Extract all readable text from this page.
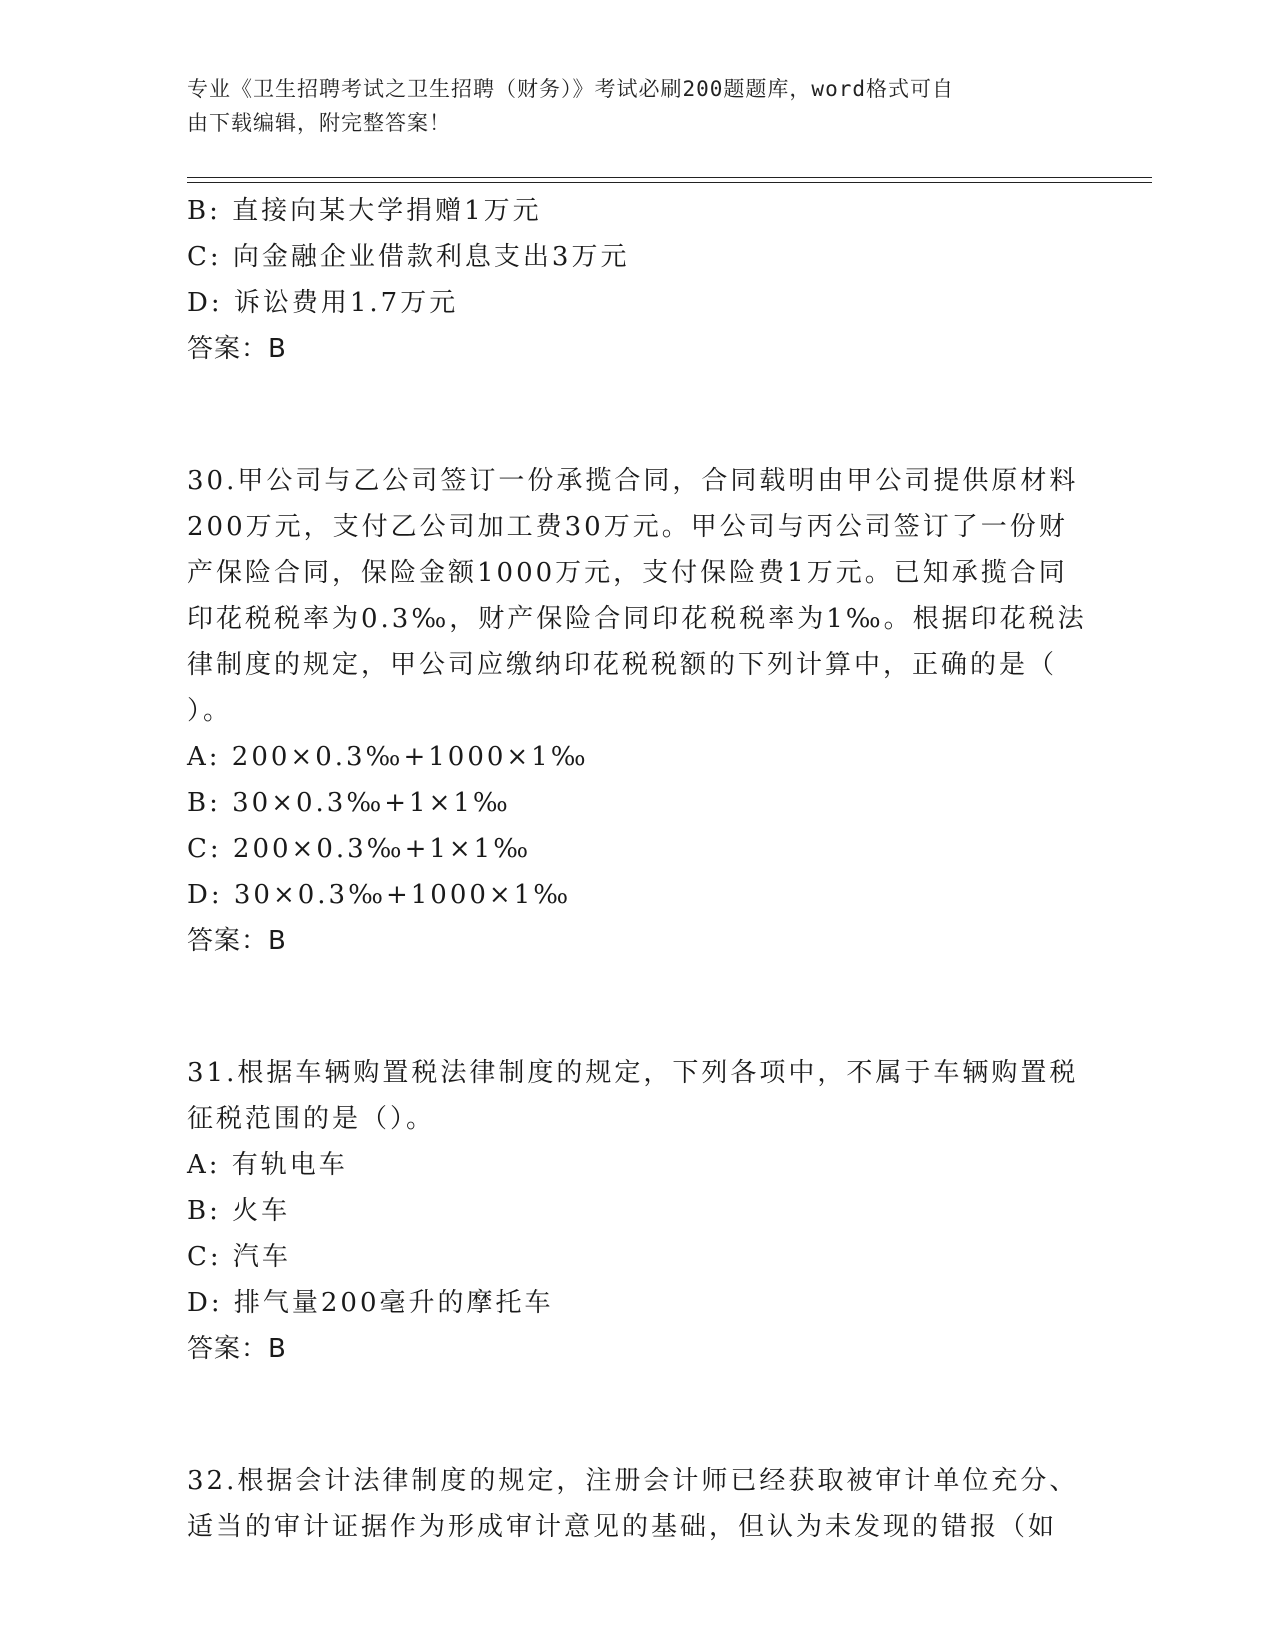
专业《卫生招聘考试之卫生招聘（财务）》考试必刷200题题库，word格式可自
由下载编辑，附完整答案！
B: 直接向某大学捐赠1万元
C: 向金融企业借款利息支出3万元
D: 诉讼费用1.7万元
答案：B
30.甲公司与乙公司签订一份承揽合同，合同载明由甲公司提供原材料
200万元，支付乙公司加工费30万元。甲公司与丙公司签订了一份财
产保险合同，保险金额1000万元，支付保险费1万元。已知承揽合同
印花税税率为0.3‰，财产保险合同印花税税率为1‰。根据印花税法
律制度的规定，甲公司应缴纳印花税税额的下列计算中，正确的是（
）。
A: 200×0.3‰+1000×1‰
B: 30×0.3‰+1×1‰
C: 200×0.3‰+1×1‰
D: 30×0.3‰+1000×1‰
答案：B
31.根据车辆购置税法律制度的规定，下列各项中，不属于车辆购置税
征税范围的是（）。
A: 有轨电车
B: 火车
C: 汽车
D: 排气量200毫升的摩托车
答案：B
32.根据会计法律制度的规定，注册会计师已经获取被审计单位充分、
适当的审计证据作为形成审计意见的基础，但认为未发现的错报（如
